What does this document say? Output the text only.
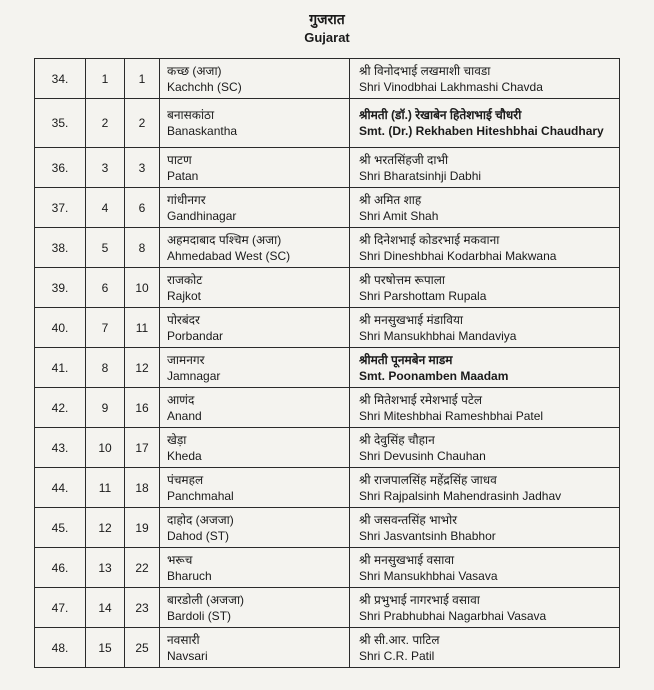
गुजरात
Gujarat
34.	1	1	कच्छ (अजा)
Kachchh (SC)	श्री विनोदभाई लखमाशी चावडा
Shri Vinodbhai Lakhmashi Chavda

35.	2	2	बनासकांठा
Banaskantha	श्रीमती (डॉ.) रेखाबेन हितेशभाई चौधरी
Smt. (Dr.) Rekhaben Hiteshbhai Chaudhary

36.	3	3	पाटण
Patan	श्री भरतसिंहजी दाभी
Shri Bharatsinhji Dabhi

37.	4	6	गांधीनगर
Gandhinagar	श्री अमित शाह
Shri Amit Shah

38.	5	8	अहमदाबाद पश्चिम (अजा)
Ahmedabad West (SC)	श्री दिनेशभाई कोडरभाई मकवाना
Shri Dineshbhai Kodarbhai Makwana

39.	6	10	राजकोट
Rajkot	श्री परषोत्तम रूपाला
Shri Parshottam Rupala

40.	7	11	पोरबंदर
Porbandar	श्री मनसुखभाई मंडाविया
Shri Mansukhbhai Mandaviya

41.	8	12	जामनगर
Jamnagar	श्रीमती पूनमबेन माडम
Smt. Poonamben Maadam

42.	9	16	आणंद
Anand	श्री मितेशभाई रमेशभाई पटेल
Shri Miteshbhai Rameshbhai Patel

43.	10	17	खेड़ा
Kheda	श्री देवुसिंह चौहान
Shri Devusinh Chauhan

44.	11	18	पंचमहल
Panchmahal	श्री राजपालसिंह महेंद्रसिंह जाधव
Shri Rajpalsinh Mahendrasinh Jadhav

45.	12	19	दाहोद (अजजा)
Dahod (ST)	श्री जसवन्तसिंह भाभोर
Shri Jasvantsinh Bhabhor

46.	13	22	भरूच
Bharuch	श्री मनसुखभाई वसावा
Shri Mansukhbhai Vasava

47.	14	23	बारडोली (अजजा)
Bardoli (ST)	श्री प्रभुभाई नागरभाई वसावा
Shri Prabhubhai Nagarbhai Vasava

48.	15	25	नवसारी
Navsari	श्री सी.आर. पाटिल
Shri C.R. Patil
